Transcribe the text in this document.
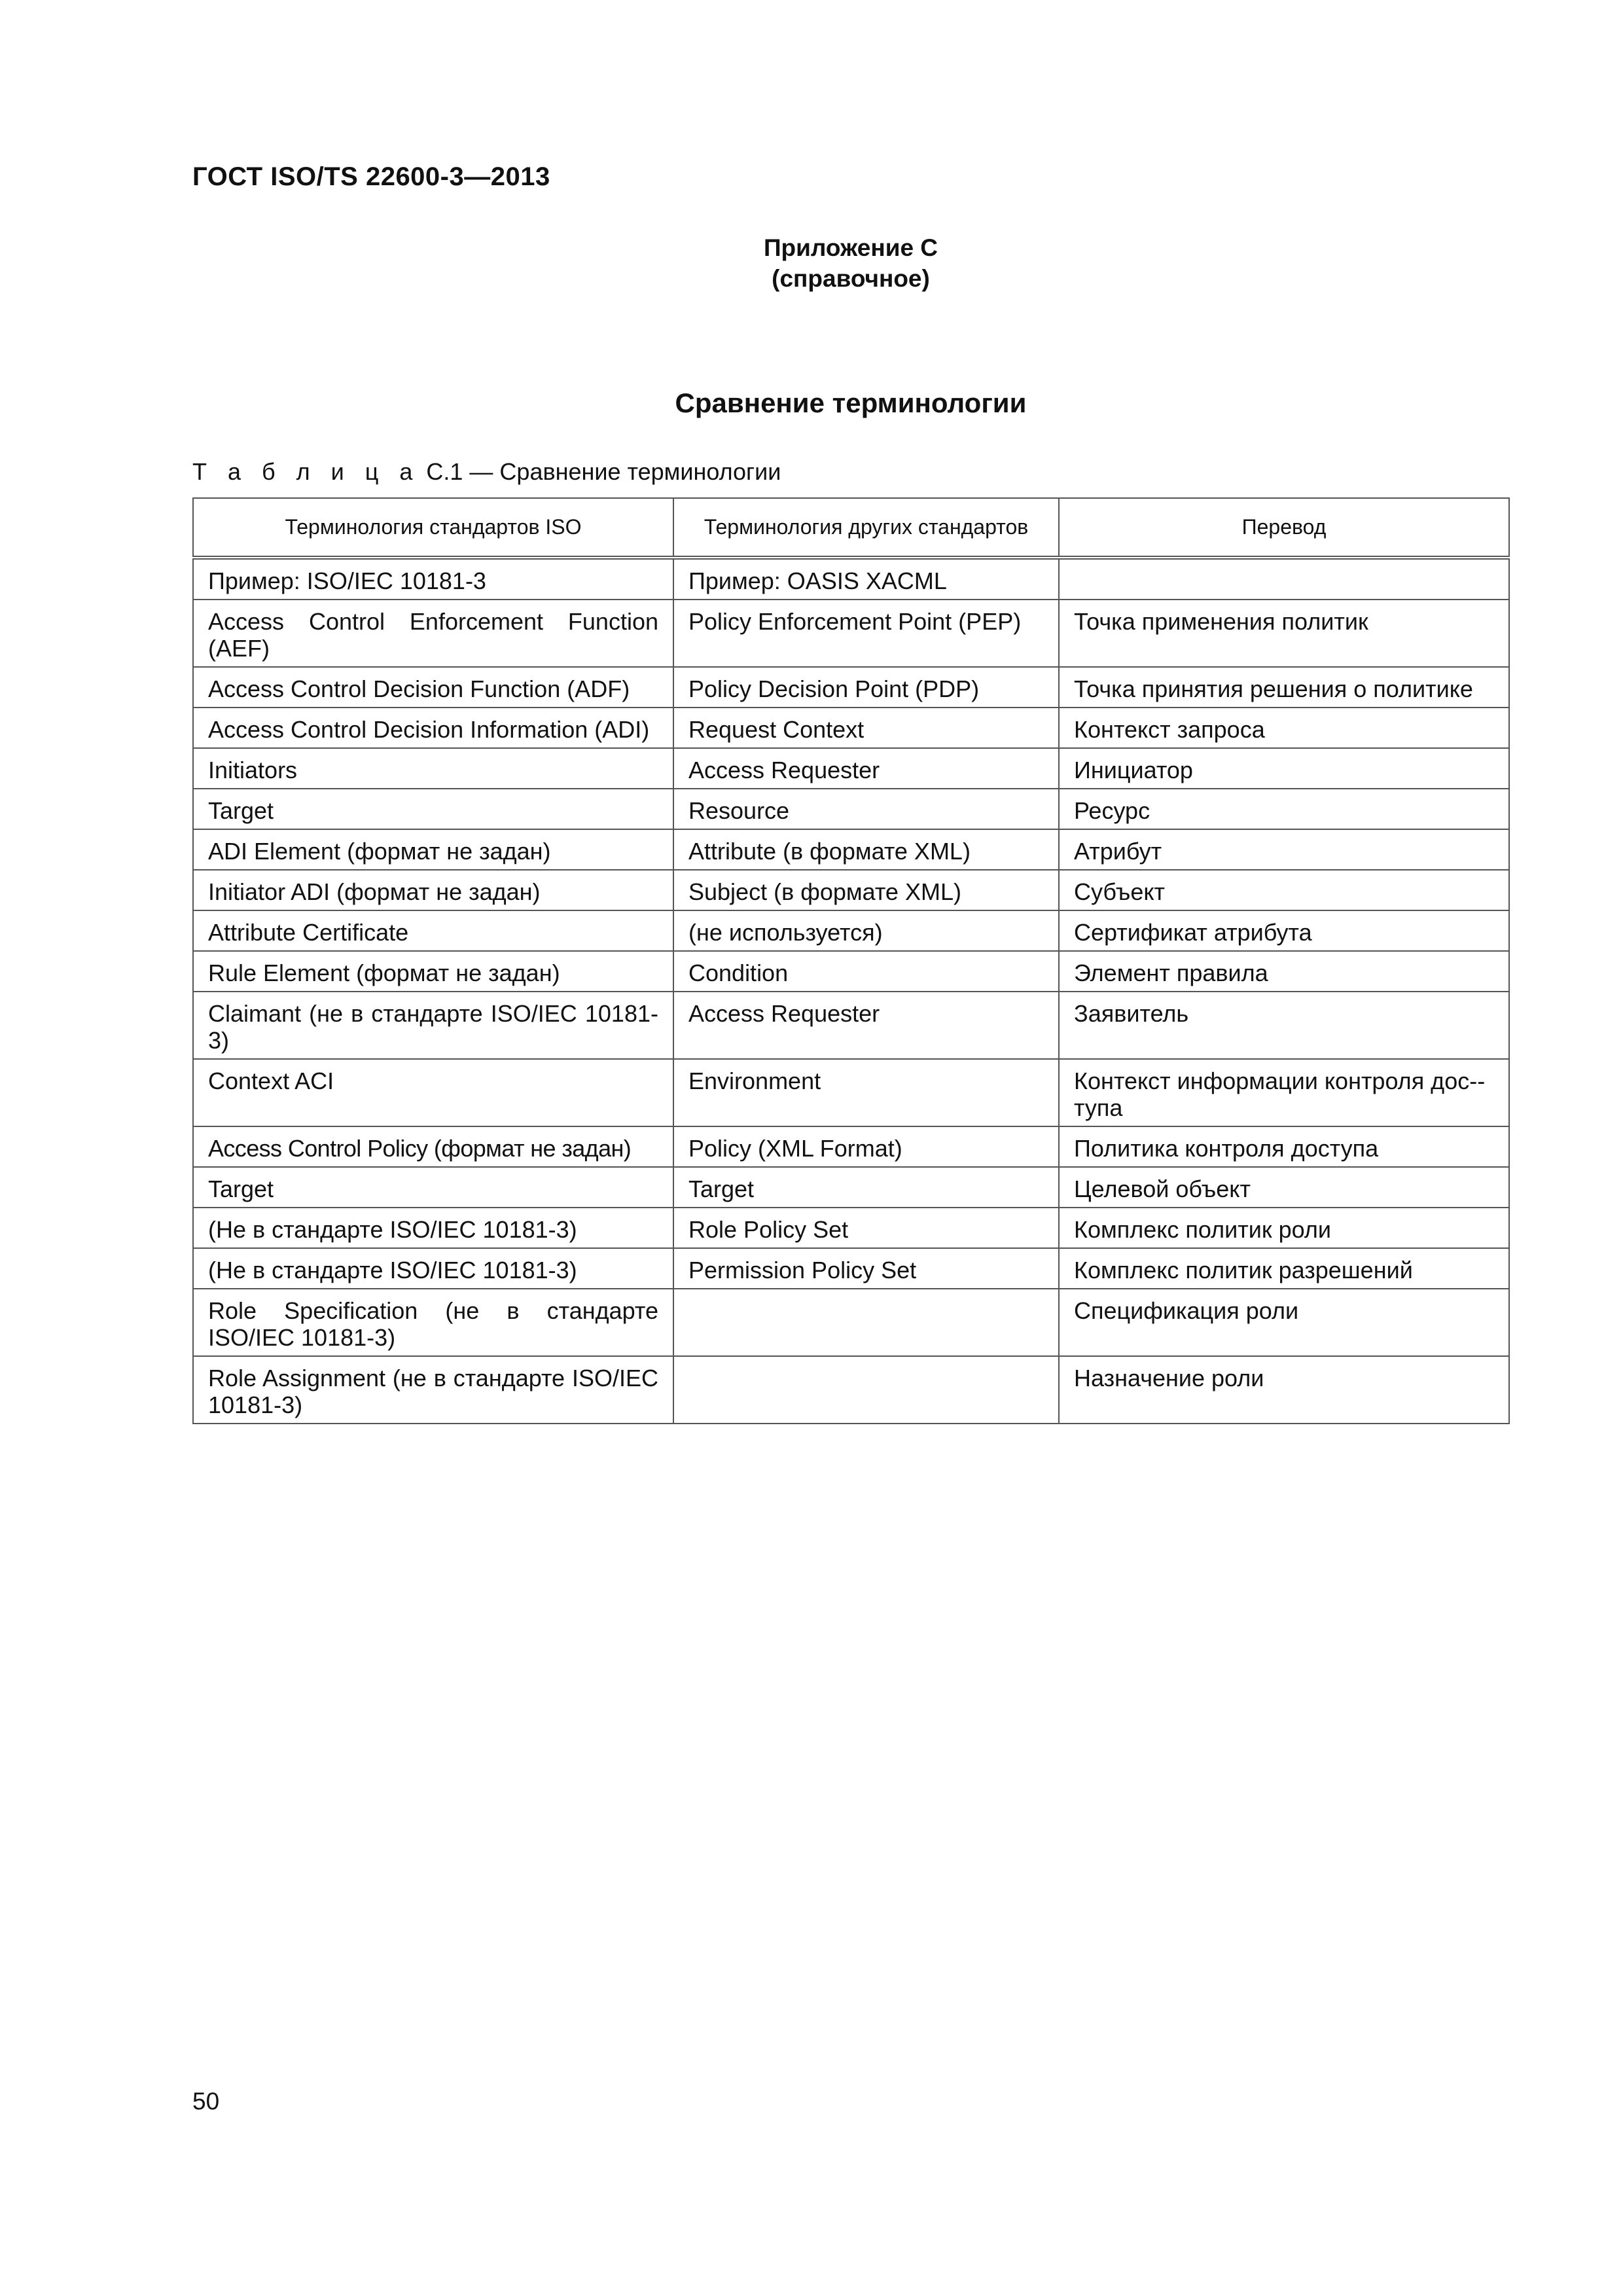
ГОСТ ISO/TS 22600-3—2013
Приложение С
(справочное)
Сравнение терминологии
Т а б л и ц а С.1 — Сравнение терминологии
Терминология стандартов ISO	Терминология других стандартов	Перевод
Пример: ISO/IEC 10181-3	Пример: OASIS XACML	
Access Control Enforcement Function (AEF)	Policy Enforcement Point (PEP)	Точка применения политик
Access Control Decision Function (ADF)	Policy Decision Point (PDP)	Точка принятия решения о политике
Access Control Decision Information (ADI)	Request Context	Контекст запроса
Initiators	Access Requester	Инициатор
Target	Resource	Ресурс
ADI Element (формат не задан)	Attribute (в формате XML)	Атрибут
Initiator ADI (формат не задан)	Subject (в формате XML)	Субъект
Attribute Certificate	(не используется)	Сертификат атрибута
Rule Element (формат не задан)	Condition	Элемент правила
Claimant (не в стандарте ISO/IEC 10181-3)	Access Requester	Заявитель
Context ACI	Environment	Контекст информации контроля дос-тупа
Access Control Policy (формат не задан)	Policy (XML Format)	Политика контроля доступа
Target	Target	Целевой объект
(Не в стандарте ISO/IEC 10181-3)	Role Policy Set	Комплекс политик роли
(Не в стандарте ISO/IEC 10181-3)	Permission Policy Set	Комплекс политик разрешений
Role Specification (не в стандарте ISO/IEC 10181-3)		Спецификация роли
Role Assignment (не в стандарте ISO/IEC 10181-3)		Назначение роли
50
